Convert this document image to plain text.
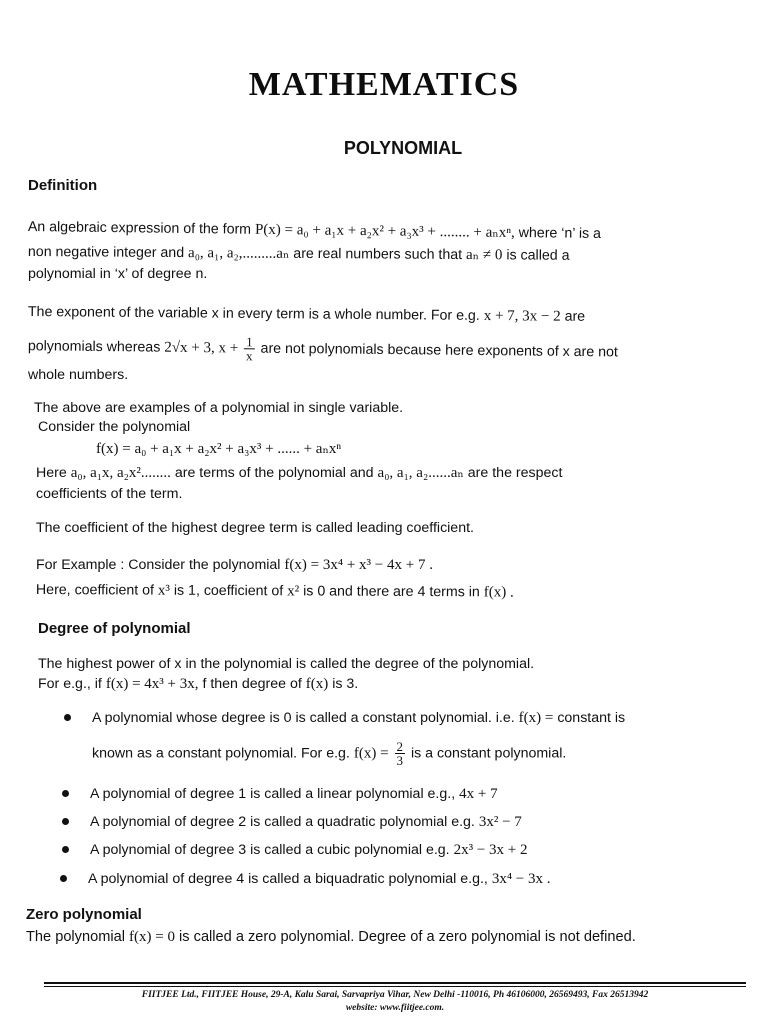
MATHEMATICS
POLYNOMIAL
Definition
An algebraic expression of the form P(x) = a₀ + a₁x + a₂x² + a₃x³ + ........ + aₙxⁿ, where ‘n’ is a
non negative integer and a₀, a₁, a₂,.........aₙ are real numbers such that aₙ ≠ 0 is called a
polynomial in ‘x’ of degree n.
The exponent of the variable x in every term is a whole number. For e.g. x + 7, 3x − 2 are
polynomials whereas 2√x + 3, $x + \frac{1}{x}$ are not polynomials because here exponents of x are not
whole numbers.
The above are examples of a polynomial in single variable.
Consider the polynomial
f(x) = a₀ + a₁x + a₂x² + a₃x³ + ...... + aₙxⁿ
Here a₀, a₁x, a₂x²........ are terms of the polynomial and a₀, a₁, a₂......aₙ are the respect
coefficients of the term.
The coefficient of the highest degree term is called leading coefficient.
For Example : Consider the polynomial f(x) = 3x⁴ + x³ − 4x + 7 .
Here, coefficient of x³ is 1, coefficient of x² is 0 and there are 4 terms in f(x) .
Degree of polynomial
The highest power of x in the polynomial is called the degree of the polynomial.
For e.g., if f(x) = 4x³ + 3x, f then degree of f(x) is 3.
A polynomial whose degree is 0 is called a constant polynomial. i.e. f(x) = constant is
known as a constant polynomial. For e.g. $f(x) = \frac{2}{3}$ is a constant polynomial.
A polynomial of degree 1 is called a linear polynomial e.g., 4x + 7
A polynomial of degree 2 is called a quadratic polynomial e.g. 3x² − 7
A polynomial of degree 3 is called a cubic polynomial e.g. 2x³ − 3x + 2
A polynomial of degree 4 is called a biquadratic polynomial e.g., 3x⁴ − 3x .
Zero polynomial
The polynomial f(x) = 0 is called a zero polynomial. Degree of a zero polynomial is not defined.
FIITJEE Ltd., FIITJEE House, 29-A, Kalu Sarai, Sarvapriya Vihar, New Delhi -110016, Ph 46106000, 26569493, Fax 26513942
website: www.fiitjee.com.
